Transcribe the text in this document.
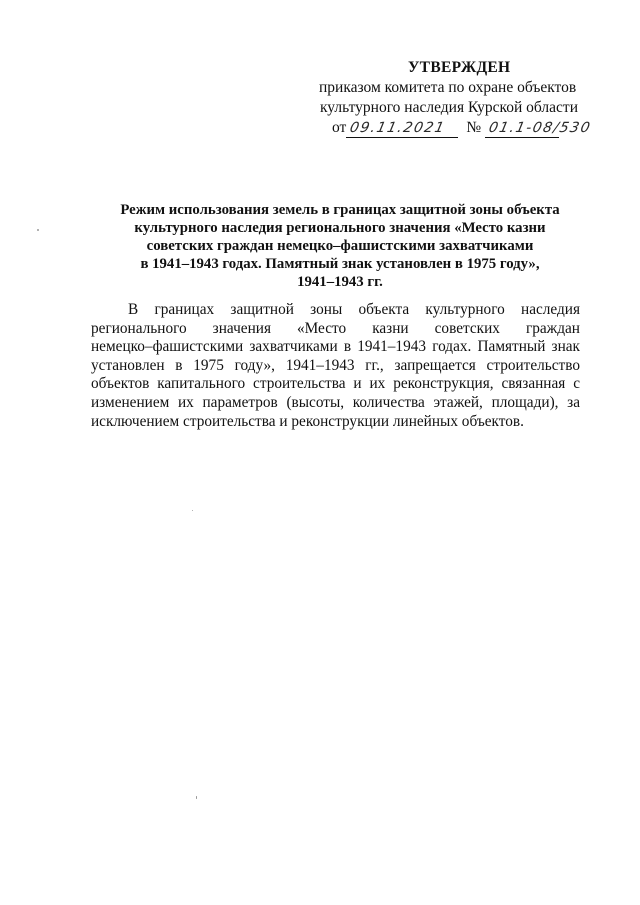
УТВЕРЖДЕН
приказом комитета по охране объектов
культурного наследия Курской области
от 09.11.2021 № 01.1-08/530
Режим использования земель в границах защитной зоны объекта
культурного наследия регионального значения «Место казни
советских граждан немецко–фашистскими захватчиками
в 1941–1943 годах. Памятный знак установлен в 1975 году»,
1941–1943 гг.
В границах защитной зоны объекта культурного наследия
регионального значения «Место казни советских граждан
немецко–фашистскими захватчиками в 1941–1943 годах. Памятный знак
установлен в 1975 году», 1941–1943 гг., запрещается строительство
объектов капитального строительства и их реконструкция, связанная с
изменением их параметров (высоты, количества этажей, площади), за
исключением строительства и реконструкции линейных объектов.
